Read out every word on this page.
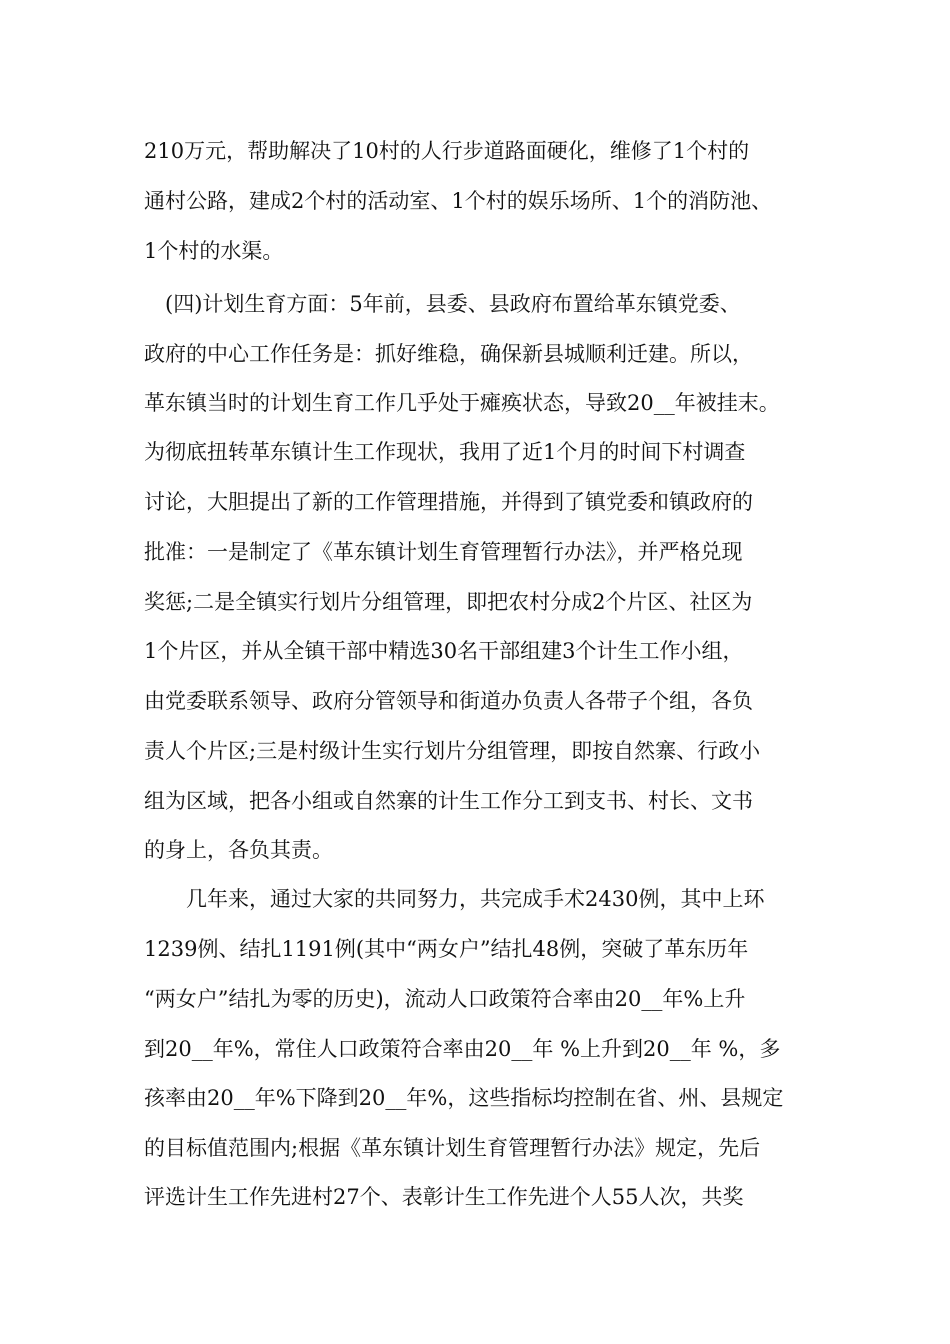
210万元，帮助解决了10村的人行步道路面硬化，维修了1个村的
通村公路，建成2个村的活动室、1个村的娱乐场所、1个的消防池、
1个村的水渠。
　(四)计划生育方面：5年前，县委、县政府布置给革东镇党委、
政府的中心工作任务是：抓好维稳，确保新县城顺利迁建。所以，
革东镇当时的计划生育工作几乎处于瘫痪状态，导致20__年被挂末。
为彻底扭转革东镇计生工作现状，我用了近1个月的时间下村调查
讨论，大胆提出了新的工作管理措施，并得到了镇党委和镇政府的
批准：一是制定了《革东镇计划生育管理暂行办法》，并严格兑现
奖惩;二是全镇实行划片分组管理，即把农村分成2个片区、社区为
1个片区，并从全镇干部中精选30名干部组建3个计生工作小组，
由党委联系领导、政府分管领导和街道办负责人各带子个组，各负
责人个片区;三是村级计生实行划片分组管理，即按自然寨、行政小
组为区域，把各小组或自然寨的计生工作分工到支书、村长、文书
的身上，各负其责。
　　几年来，通过大家的共同努力，共完成手术2430例，其中上环
1239例、结扎1191例(其中“两女户”结扎48例，突破了革东历年
“两女户”结扎为零的历史)，流动人口政策符合率由20__年%上升
到20__年%，常住人口政策符合率由20__年 %上升到20__年 %，多
孩率由20__年%下降到20__年%，这些指标均控制在省、州、县规定
的目标值范围内;根据《革东镇计划生育管理暂行办法》规定，先后
评选计生工作先进村27个、表彰计生工作先进个人55人次，共奖
